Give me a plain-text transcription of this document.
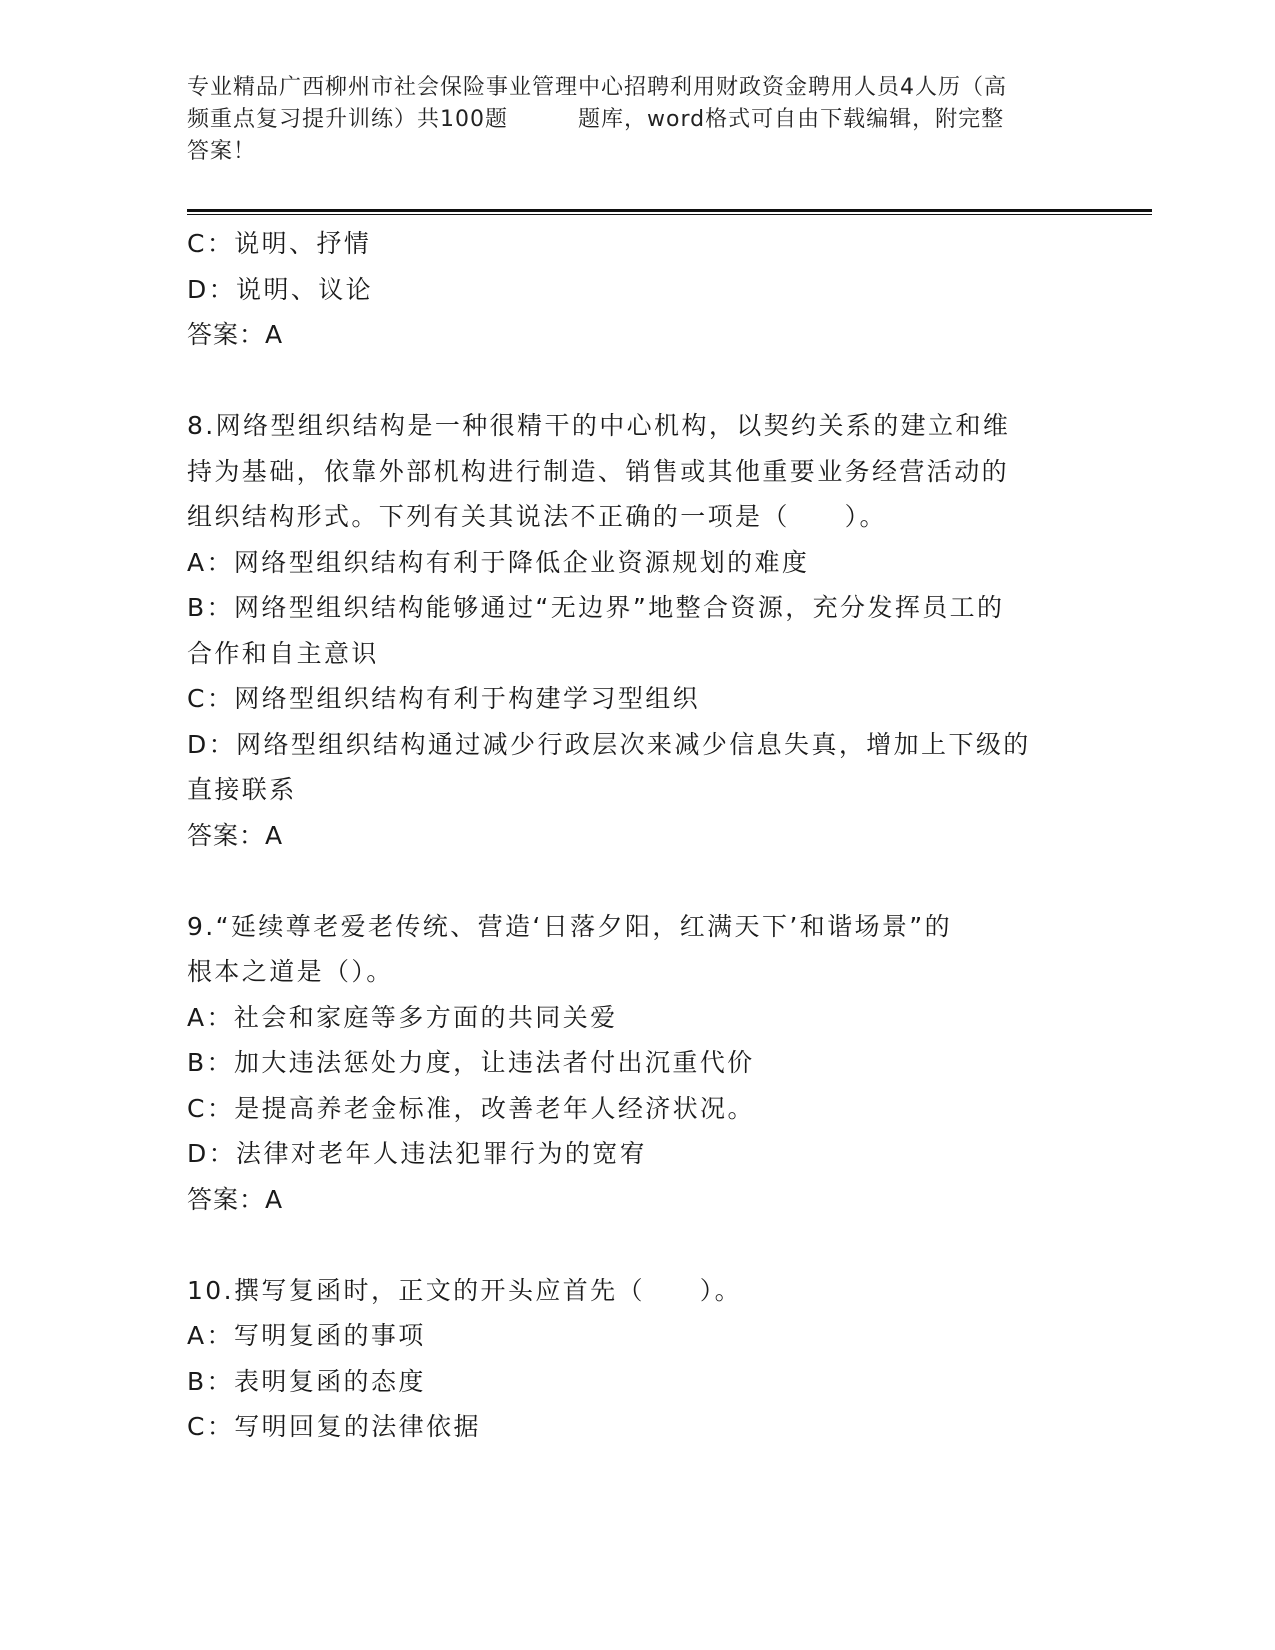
专业精品广西柳州市社会保险事业管理中心招聘利用财政资金聘用人员4人历（高
频重点复习提升训练）共100题	题库，word格式可自由下载编辑，附完整
答案！
C：说明、抒情
D：说明、议论
答案：A
8.网络型组织结构是一种很精干的中心机构，以契约关系的建立和维
持为基础，依靠外部机构进行制造、销售或其他重要业务经营活动的
组织结构形式。下列有关其说法不正确的一项是（　　）。
A：网络型组织结构有利于降低企业资源规划的难度
B：网络型组织结构能够通过“无边界”地整合资源，充分发挥员工的
合作和自主意识
C：网络型组织结构有利于构建学习型组织
D：网络型组织结构通过减少行政层次来减少信息失真，增加上下级的
直接联系
答案：A
9.“延续尊老爱老传统、营造‘日落夕阳，红满天下’和谐场景”的
根本之道是（）。
A：社会和家庭等多方面的共同关爱
B：加大违法惩处力度，让违法者付出沉重代价
C：是提高养老金标准，改善老年人经济状况。
D：法律对老年人违法犯罪行为的宽宥
答案：A
10.撰写复函时，正文的开头应首先（　　）。
A：写明复函的事项
B：表明复函的态度
C：写明回复的法律依据
